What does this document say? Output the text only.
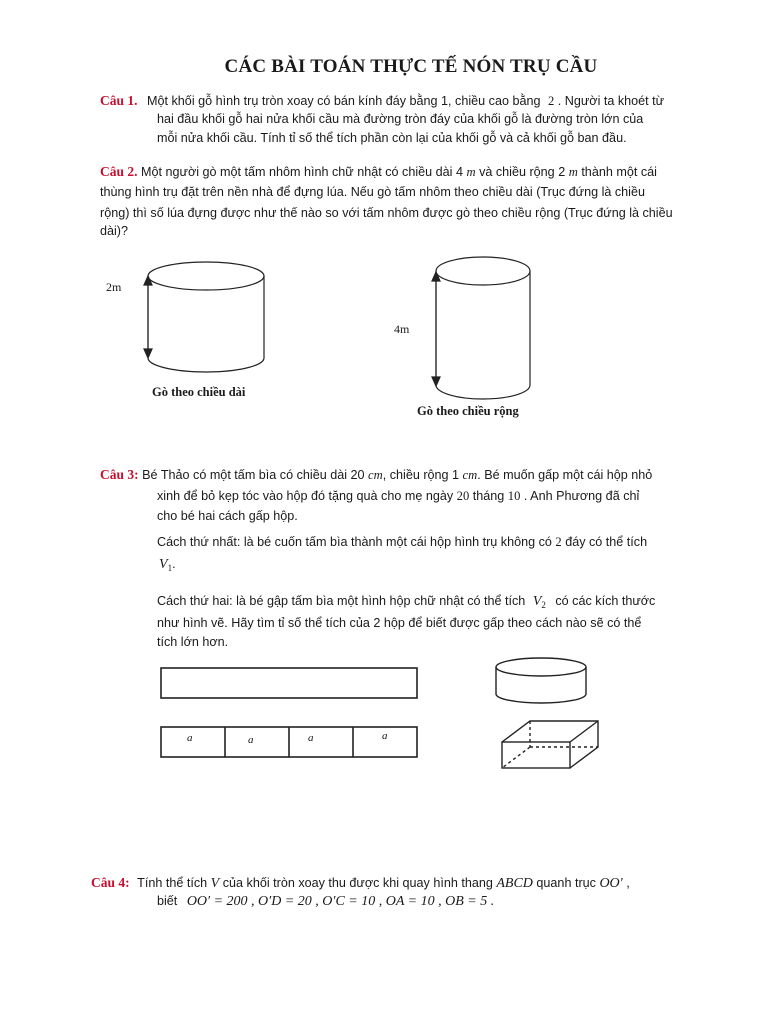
CÁC BÀI TOÁN THỰC TẾ NÓN TRỤ CẦU
Câu 1. Một khối gỗ hình trụ tròn xoay có bán kính đáy bằng 1, chiều cao bằng 2 . Người ta khoét từ
hai đầu khối gỗ hai nửa khối cầu mà đường tròn đáy của khối gỗ là đường tròn lớn của
mỗi nửa khối cầu. Tính tỉ số thể tích phần còn lại của khối gỗ và cả khối gỗ ban đầu.
Câu 2. Một người gò một tấm nhôm hình chữ nhật có chiều dài 4 m và chiều rộng 2 m thành một cái
thùng hình trụ đặt trên nền nhà để đựng lúa. Nếu gò tấm nhôm theo chiều dài (Trục đứng là chiều
rộng) thì số lúa đựng được như thế nào so với tấm nhôm được gò theo chiều rộng (Trục đứng là chiều
dài)?
2m
Gò theo chiều dài
4m
Gò theo chiều rộng
Câu 3: Bé Thảo có một tấm bìa có chiều dài 20 cm, chiều rộng 1 cm. Bé muốn gấp một cái hộp nhỏ
xinh để bỏ kẹp tóc vào hộp đó tặng quà cho mẹ ngày 20 tháng 10 . Anh Phương đã chỉ
cho bé hai cách gấp hộp.
Cách thứ nhất: là bé cuốn tấm bìa thành một cái hộp hình trụ không có 2 đáy có thể tích
$V_1$.
Cách thứ hai: là bé gập tấm bìa một hình hộp chữ nhật có thể tích $V_2$ có các kích thước
như hình vẽ. Hãy tìm tỉ số thể tích của 2 hộp để biết được gấp theo cách nào sẽ có thể
tích lớn hơn.
a	a	a	a
Câu 4: Tính thể tích V của khối tròn xoay thu được khi quay hình thang ABCD quanh trục OO′ ,
biết OO′ = 200 , O′D = 20 , O′C = 10 , OA = 10 , OB = 5 .
